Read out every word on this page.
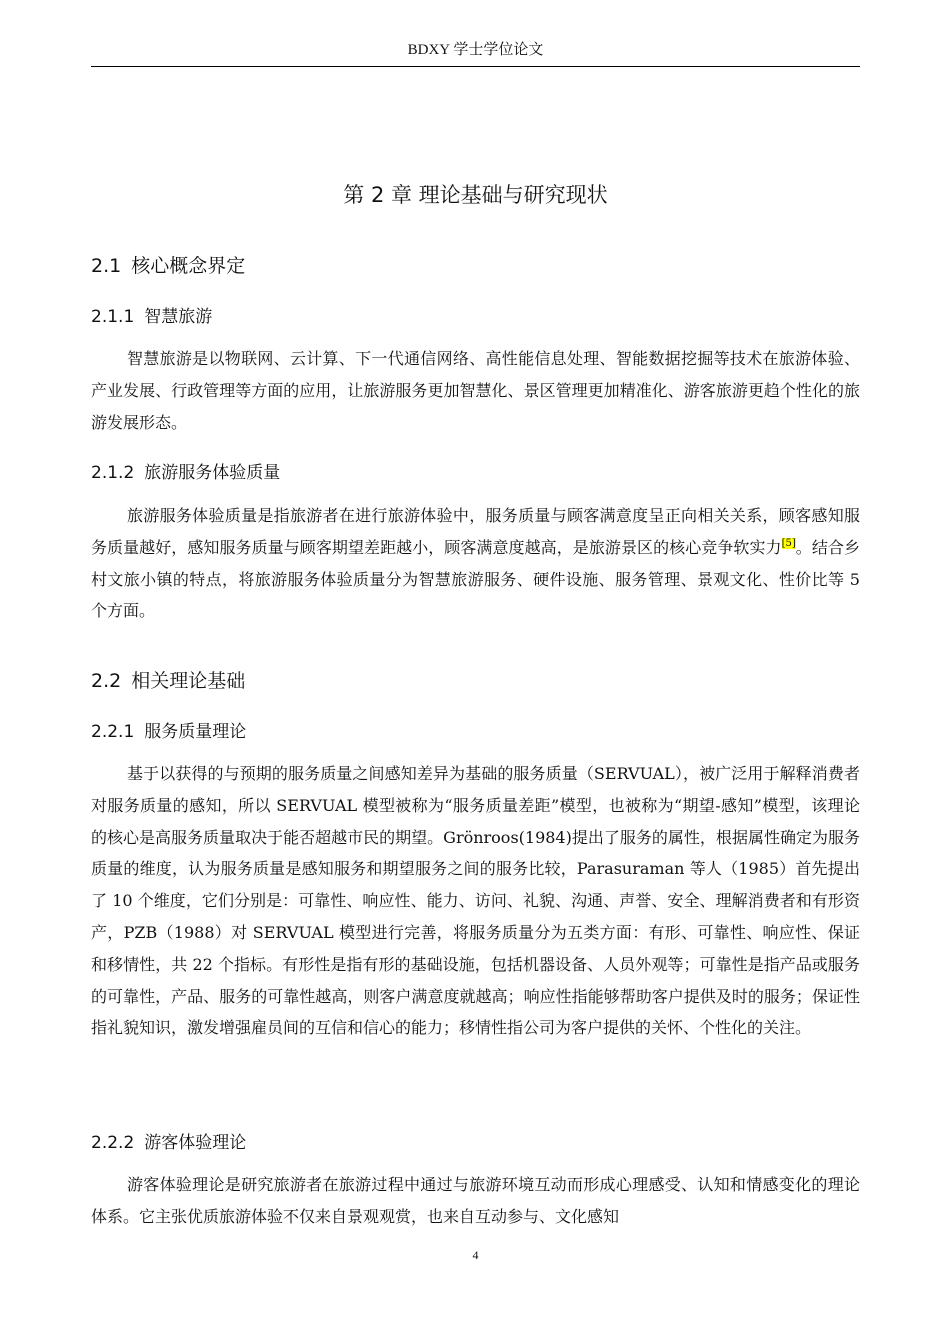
BDXY 学士学位论文
第 2 章 理论基础与研究现状
2.1 核心概念界定
2.1.1 智慧旅游

智慧旅游是以物联网、云计算、下一代通信网络、高性能信息处理、智能数据挖掘等技术在旅游体验、产业发展、行政管理等方面的应用，让旅游服务更加智慧化、景区管理更加精准化、游客旅游更趋个性化的旅游发展形态。

2.1.2 旅游服务体验质量

旅游服务体验质量是指旅游者在进行旅游体验中，服务质量与顾客满意度呈正向相关关系，顾客感知服务质量越好，感知服务质量与顾客期望差距越小，顾客满意度越高，是旅游景区的核心竞争软实力[5]。结合乡村文旅小镇的特点，将旅游服务体验质量分为智慧旅游服务、硬件设施、服务管理、景观文化、性价比等 5 个方面。

2.2 相关理论基础
2.2.1 服务质量理论

基于以获得的与预期的服务质量之间感知差异为基础的服务质量（SERVUAL），被广泛用于解释消费者对服务质量的感知，所以 SERVUAL 模型被称为“服务质量差距”模型，也被称为“期望-感知”模型，该理论的核心是高服务质量取决于能否超越市民的期望。Grönroos(1984)提出了服务的属性，根据属性确定为服务质量的维度，认为服务质量是感知服务和期望服务之间的服务比较，Parasuraman 等人（1985）首先提出了 10 个维度，它们分别是：可靠性、响应性、能力、访问、礼貌、沟通、声誉、安全、理解消费者和有形资产，PZB（1988）对 SERVUAL 模型进行完善，将服务质量分为五类方面：有形、可靠性、响应性、保证和移情性，共 22 个指标。有形性是指有形的基础设施，包括机器设备、人员外观等；可靠性是指产品或服务的可靠性，产品、服务的可靠性越高，则客户满意度就越高；响应性指能够帮助客户提供及时的服务；保证性指礼貌知识，激发增强雇员间的互信和信心的能力；移情性指公司为客户提供的关怀、个性化的关注。

2.2.2 游客体验理论

游客体验理论是研究旅游者在旅游过程中通过与旅游环境互动而形成心理感受、认知和情感变化的理论体系。它主张优质旅游体验不仅来自景观观赏，也来自互动参与、文化感知

4
